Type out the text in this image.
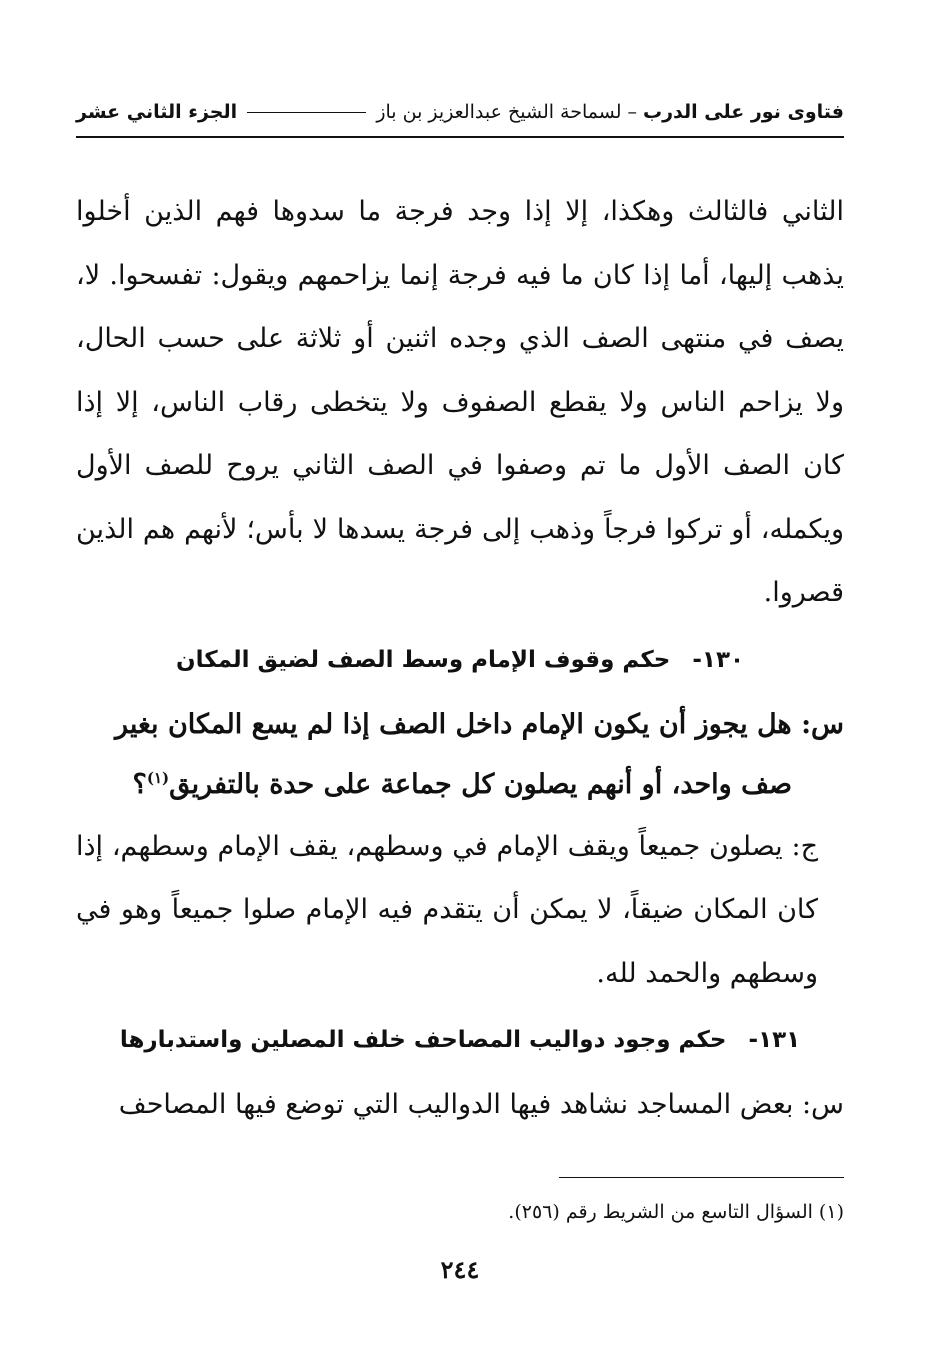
فتاوى نور على الدرب
–
لسماحة الشيخ عبدالعزيز بن باز
الجزء الثاني عشر

الثاني فالثالث وهكذا، إلا إذا وجد فرجة ما سدوها فهم الذين أخلوا يذهب إليها، أما إذا كان ما فيه فرجة إنما يزاحمهم ويقول: تفسحوا. لا، يصف في منتهى الصف الذي وجده اثنين أو ثلاثة على حسب الحال، ولا يزاحم الناس ولا يقطع الصفوف ولا يتخطى رقاب الناس، إلا إذا كان الصف الأول ما تم وصفوا في الصف الثاني يروح للصف الأول ويكمله، أو تركوا فرجاً وذهب إلى فرجة يسدها لا بأس؛ لأنهم هم الذين قصروا.

١٣٠-حكم وقوف الإمام وسط الصف لضيق المكان

س: هل يجوز أن يكون الإمام داخل الصف إذا لم يسع المكان بغير

صف واحد، أو أنهم يصلون كل جماعة على حدة بالتفريق$^{(١)}$؟

ج: يصلون جميعاً ويقف الإمام في وسطهم، يقف الإمام وسطهم، إذا كان المكان ضيقاً، لا يمكن أن يتقدم فيه الإمام صلوا جميعاً وهو في وسطهم والحمد لله.

١٣١-حكم وجود دواليب المصاحف خلف المصلين واستدبارها

س: بعض المساجد نشاهد فيها الدواليب التي توضع فيها المصاحف

(١) السؤال التاسع من الشريط رقم (٢٥٦).
٢٤٤
